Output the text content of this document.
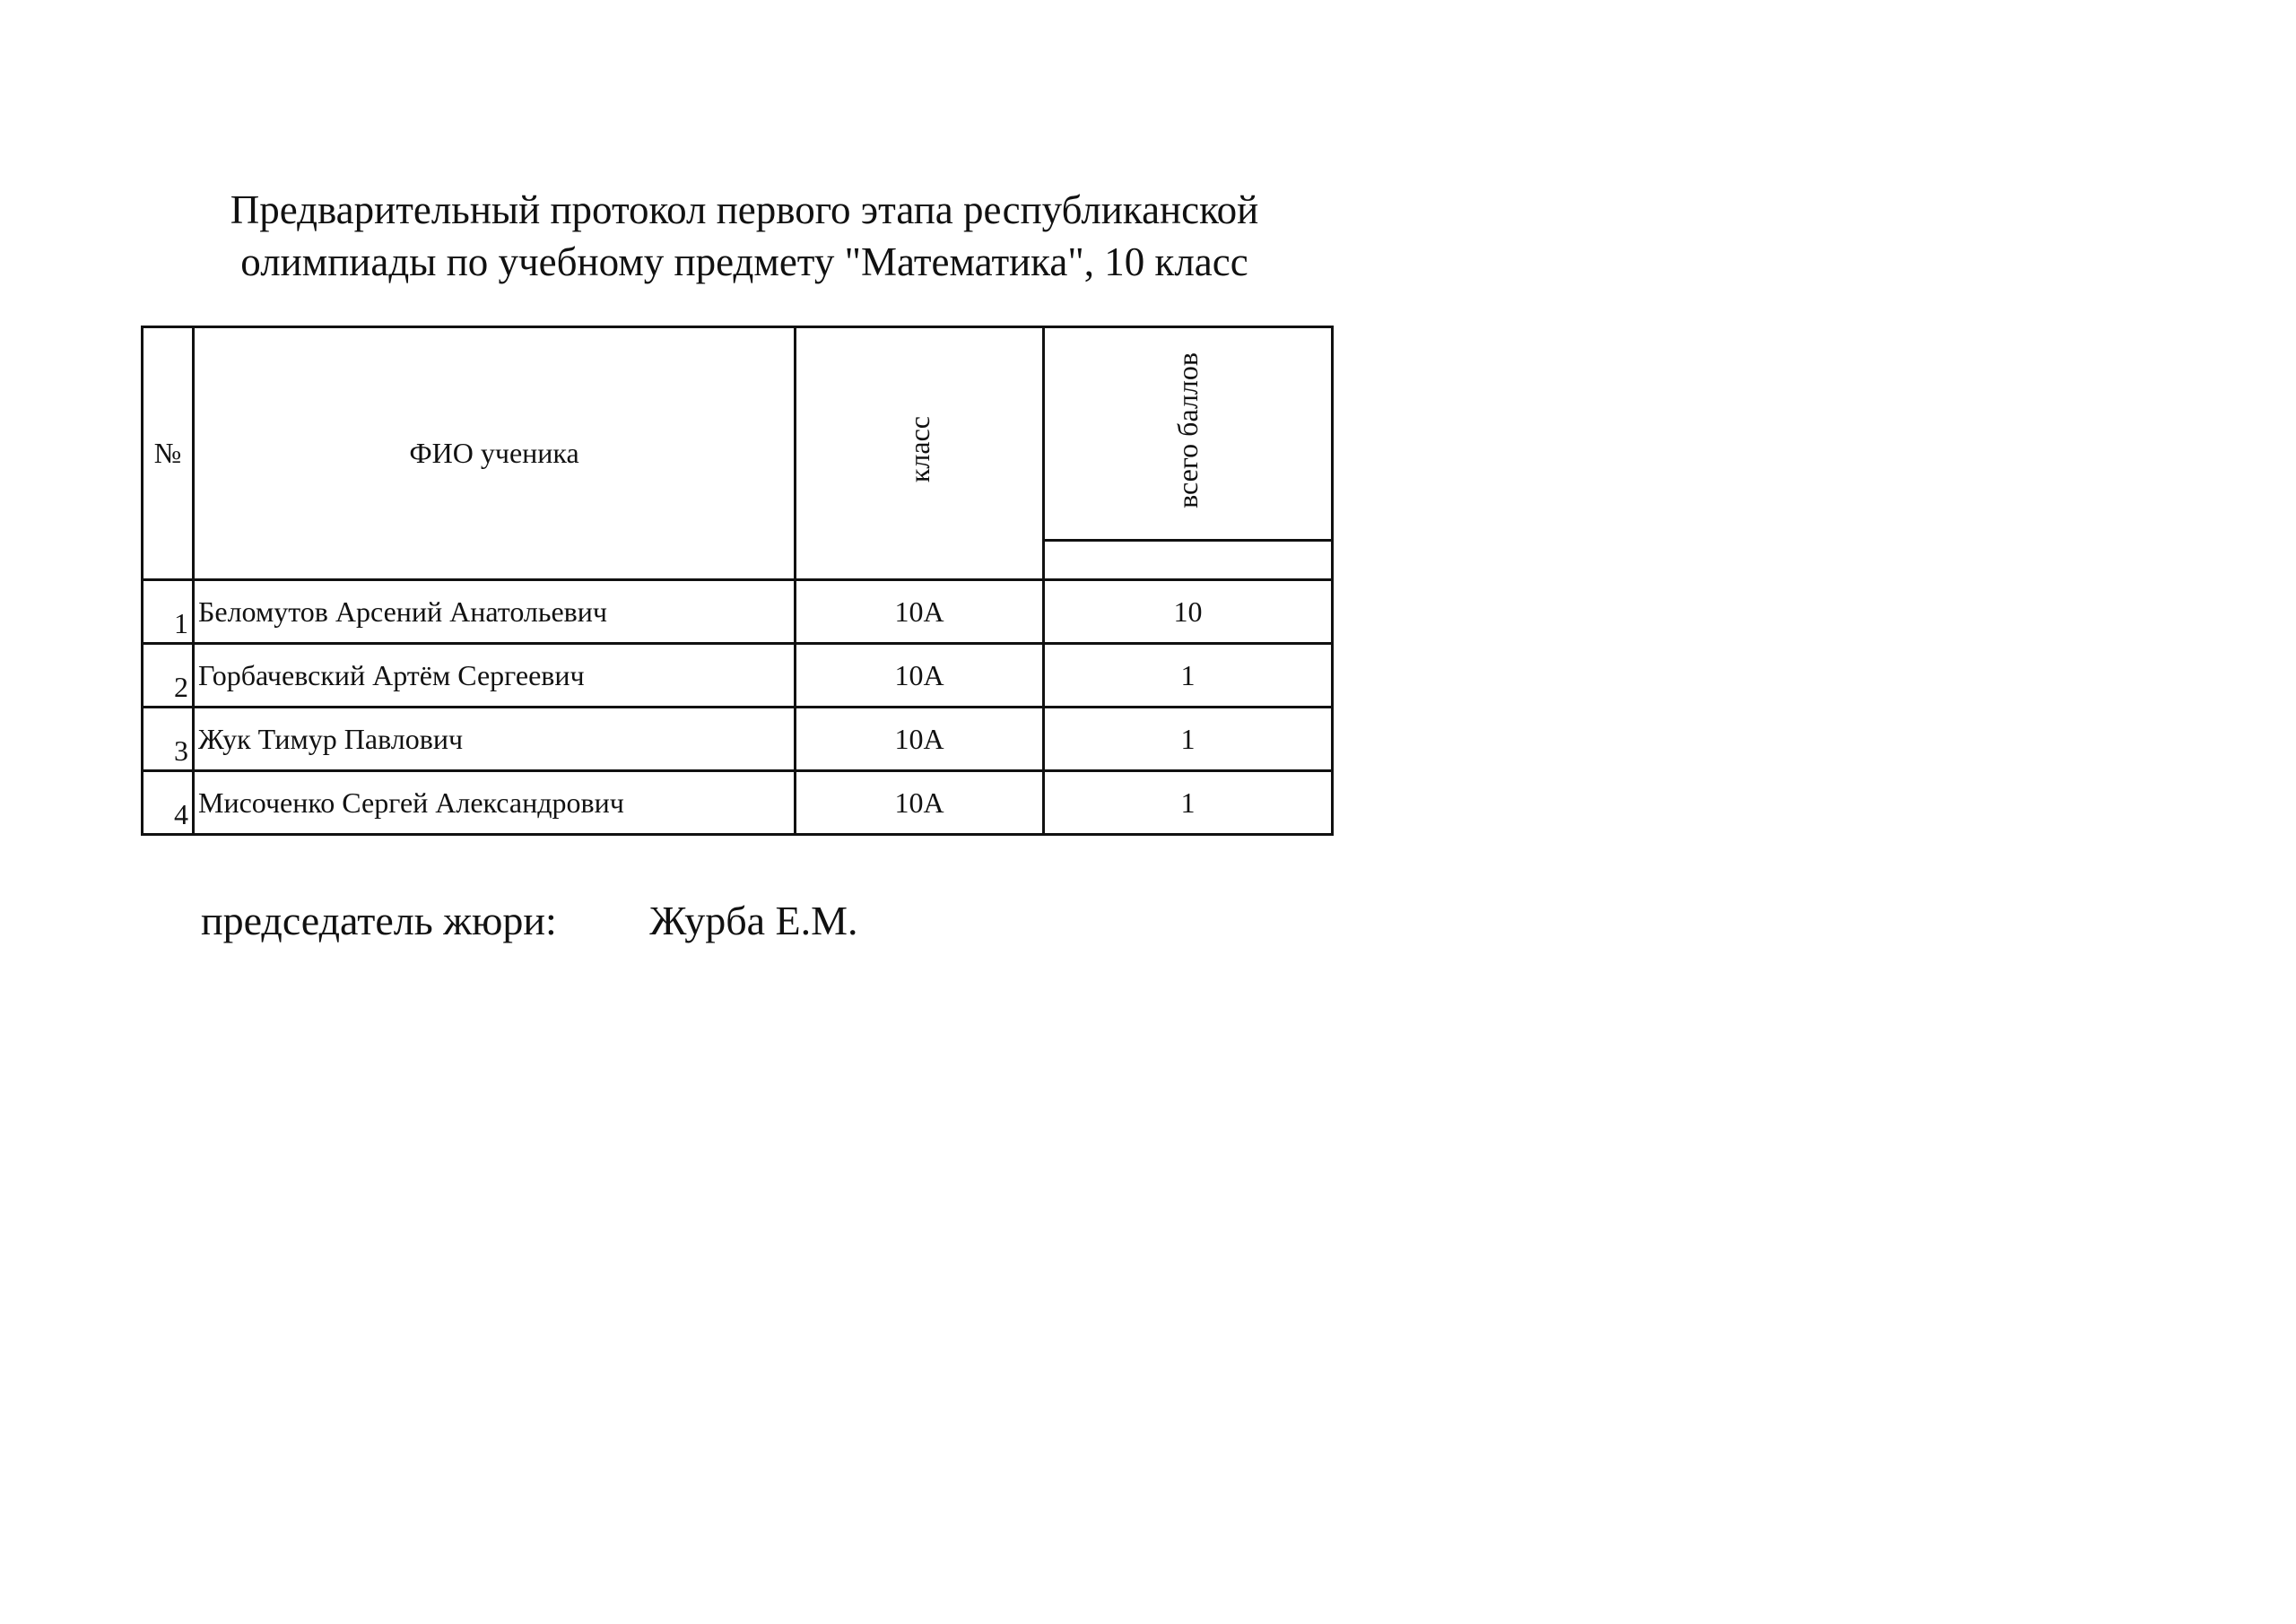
Предварительный протокол первого этапа республиканской
олимпиады по учебному предмету "Математика", 10 класс
№	ФИО ученика	класс	всего баллов

1	Беломутов Арсений Анатольевич	10А	10
2	Горбачевский Артём Сергеевич	10А	1
3	Жук Тимур Павлович	10А	1
4	Мисоченко Сергей Александрович	10А	1
председатель жюри: Журба Е.М.
